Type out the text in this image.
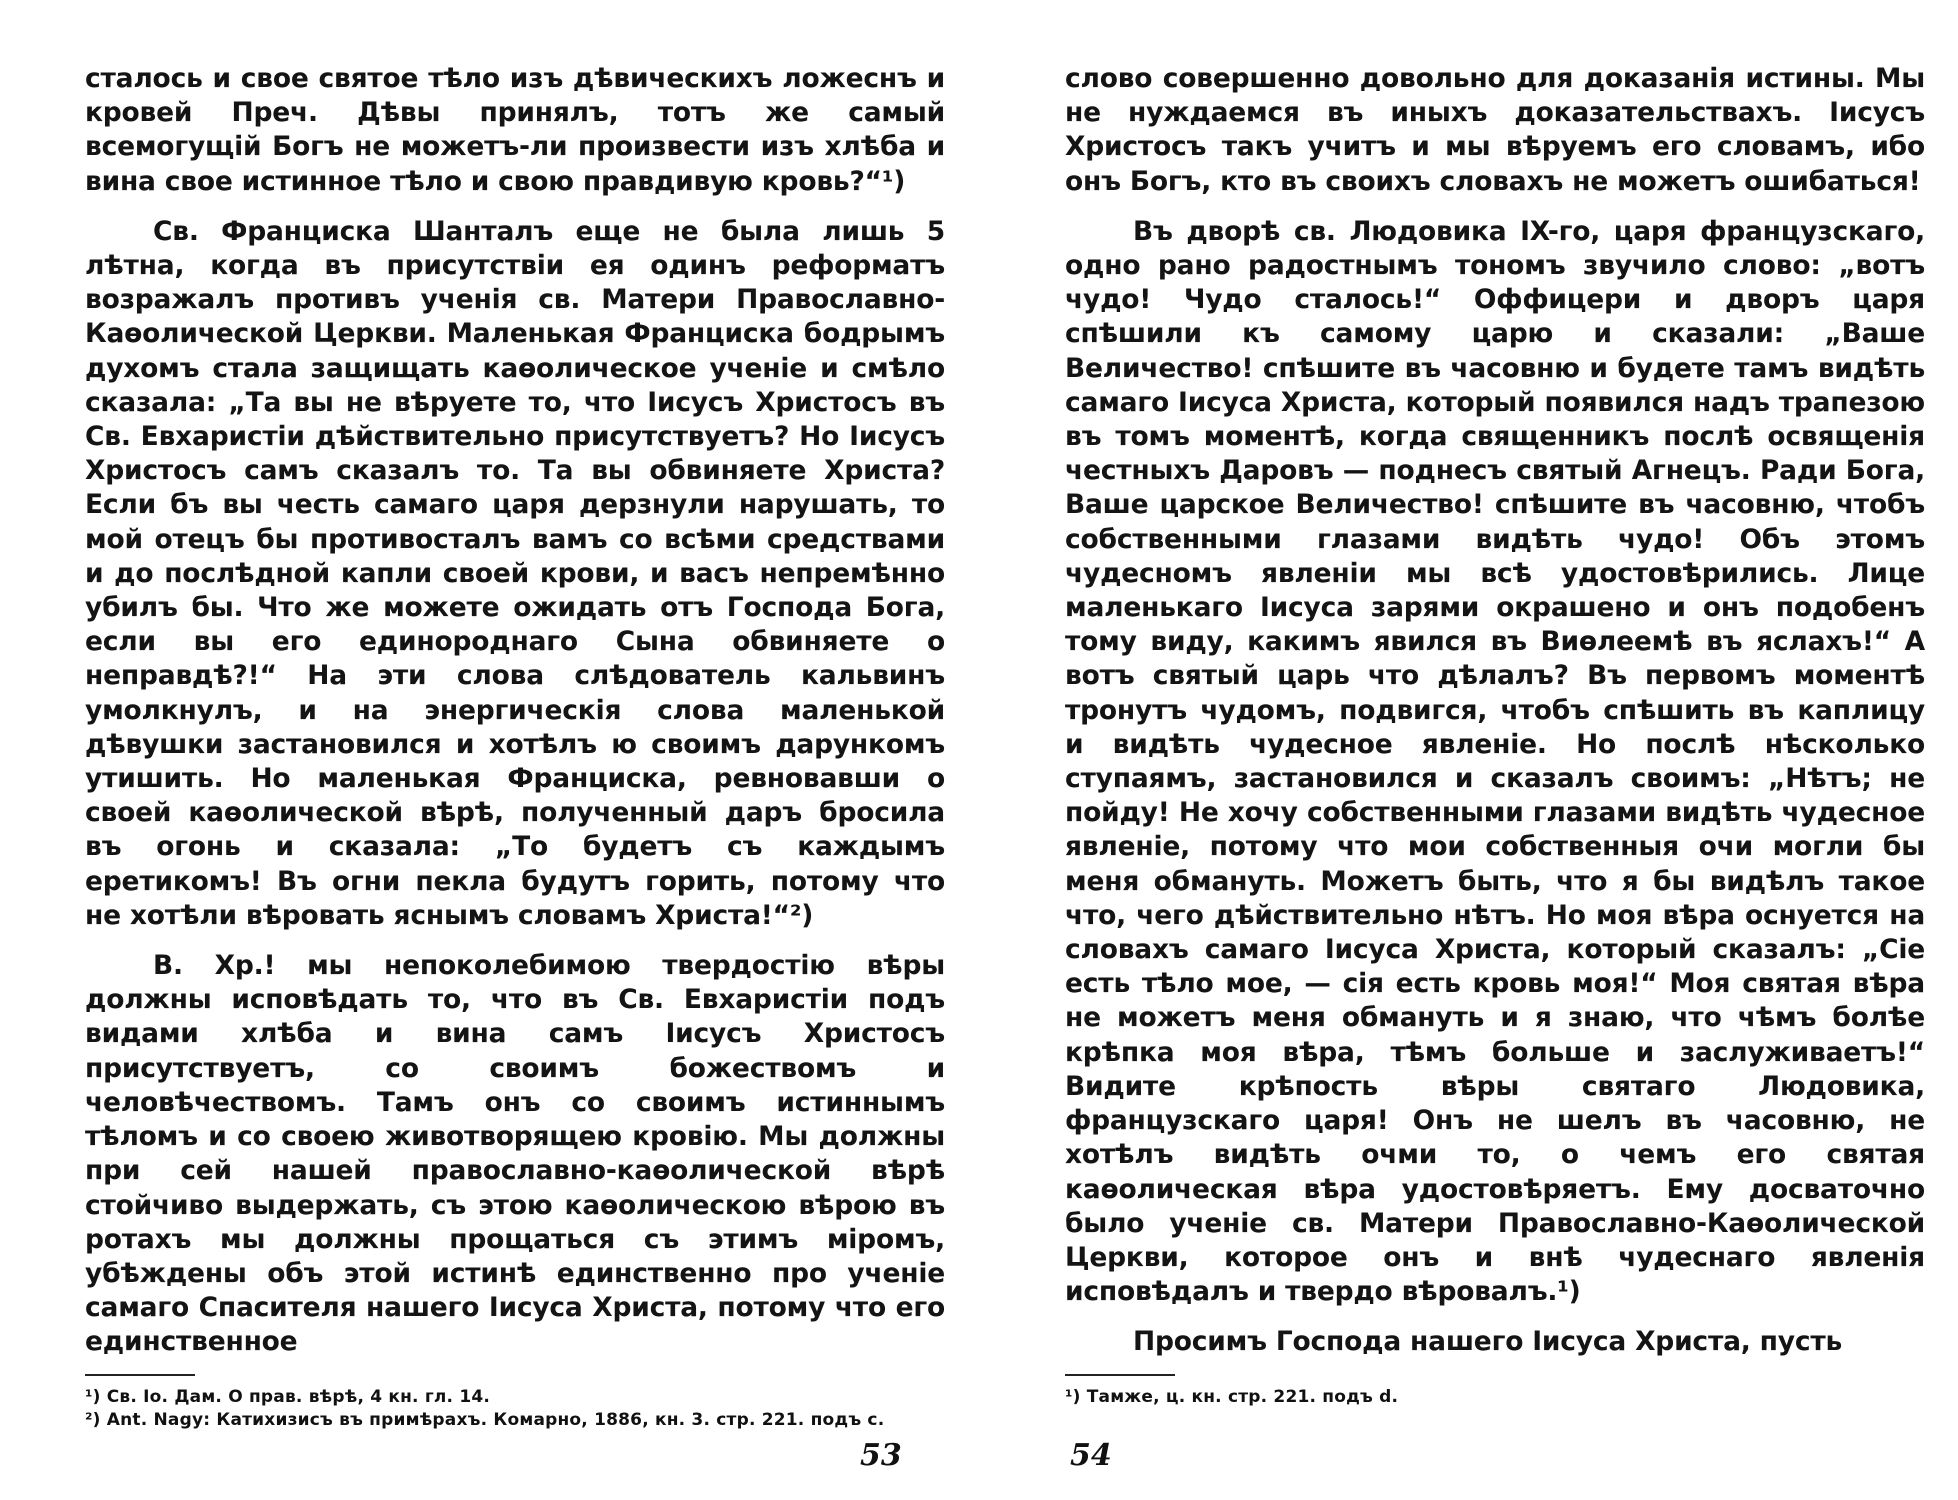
сталось и свое святое тѣло изъ дѣвическихъ ложеснъ и кровей Преч. Дѣвы принялъ, тотъ же самый всемогущій Богъ не можетъ-ли произвести изъ хлѣба и вина свое истинное тѣло и свою правдивую кровь?“¹)

Св. Франциска Шанталъ еще не была лишь 5 лѣтна, когда въ присутствіи ея одинъ реформатъ возражалъ противъ ученія св. Матери Православно-Каѳолической Церкви. Маленькая Франциска бодрымъ духомъ стала защищать каѳолическое ученіе и смѣло сказала: „Та вы не вѣруете то, что Іисусъ Христосъ въ Св. Евхаристіи дѣйствительно присутствуетъ? Но Іисусъ Христосъ самъ сказалъ то. Та вы обвиняете Христа? Если бъ вы честь самаго царя дерзнули нарушать, то мой отецъ бы противосталъ вамъ со всѣми средствами и до послѣдной капли своей крови, и васъ непремѣнно убилъ бы. Что же можете ожидать отъ Господа Бога, если вы его единороднаго Сына обвиняете о неправдѣ?!“ На эти слова слѣдователь кальвинъ умолкнулъ, и на энергическія слова маленькой дѣвушки застановился и хотѣлъ ю своимъ дарункомъ утишить. Но маленькая Франциска, ревновавши о своей каѳолической вѣрѣ, полученный даръ бросила въ огонь и сказала: „То будетъ съ каждымъ еретикомъ! Въ огни пекла будутъ горить, потому что не хотѣли вѣровать яснымъ словамъ Христа!“²)

В. Хр.! мы непоколебимою твердостію вѣры должны исповѣдать то, что въ Св. Евхаристіи подъ видами хлѣба и вина самъ Іисусъ Христосъ присутствуетъ, со своимъ божествомъ и человѣчествомъ. Тамъ онъ со своимъ истиннымъ тѣломъ и со своею животворящею кровію. Мы должны при сей нашей православно-каѳолической вѣрѣ стойчиво выдержать, съ этою каѳолическою вѣрою въ ротахъ мы должны прощаться съ этимъ міромъ, убѣждены объ этой истинѣ единственно про ученіе самаго Спасителя нашего Іисуса Христа, потому что его единственное

¹) Св. Іо. Дам. О прав. вѣрѣ, 4 кн. гл. 14.

²) Ant. Nagy: Катихизисъ въ примѣрахъ. Комарно, 1886, кн. 3. стр. 221. подъ с.

53

слово совершенно довольно для доказанія истины. Мы не нуждаемся въ иныхъ доказательствахъ. Іисусъ Христосъ такъ учитъ и мы вѣруемъ его словамъ, ибо онъ Богъ, кто въ своихъ словахъ не можетъ ошибаться!

Въ дворѣ св. Людовика IX-го, царя французскаго, одно рано радостнымъ тономъ звучило слово: „вотъ чудо! Чудо сталось!“ Оффицери и дворъ царя спѣшили къ самому царю и сказали: „Ваше Величество! спѣшите въ часовню и будете тамъ видѣть самаго Іисуса Христа, который появился надъ трапезою въ томъ моментѣ, когда священникъ послѣ освященія честныхъ Даровъ — поднесъ святый Агнецъ. Ради Бога, Ваше царское Величество! спѣшите въ часовню, чтобъ собственными глазами видѣть чудо! Объ этомъ чудесномъ явленіи мы всѣ удостовѣрились. Лице маленькаго Іисуса зарями окрашено и онъ подобенъ тому виду, какимъ явился въ Виѳлеемѣ въ яслахъ!“ А вотъ святый царь что дѣлалъ? Въ первомъ моментѣ тронутъ чудомъ, подвигся, чтобъ спѣшить въ каплицу и видѣть чудесное явленіе. Но послѣ нѣсколько ступаямъ, застановился и сказалъ своимъ: „Нѣтъ; не пойду! Не хочу собственными глазами видѣть чудесное явленіе, потому что мои собственныя очи могли бы меня обмануть. Можетъ быть, что я бы видѣлъ такое что, чего дѣйствительно нѣтъ. Но моя вѣра оснуется на словахъ самаго Іисуса Христа, который сказалъ: „Сіе есть тѣло мое, — сія есть кровь моя!“ Моя святая вѣра не можетъ меня обмануть и я знаю, что чѣмъ болѣе крѣпка моя вѣра, тѣмъ больше и заслуживаетъ!“ Видите крѣпость вѣры святаго Людовика, французскаго царя! Онъ не шелъ въ часовню, не хотѣлъ видѣть очми то, о чемъ его святая каѳолическая вѣра удостовѣряетъ. Ему досвaточно было ученіе св. Матери Православно-Каѳолической Церкви, которое онъ и внѣ чудеснаго явленія исповѣдалъ и твердо вѣровалъ.¹)

Просимъ Господа нашего Іисуса Христа, пусть

¹) Тамже, ц. кн. стр. 221. подъ d.

54
